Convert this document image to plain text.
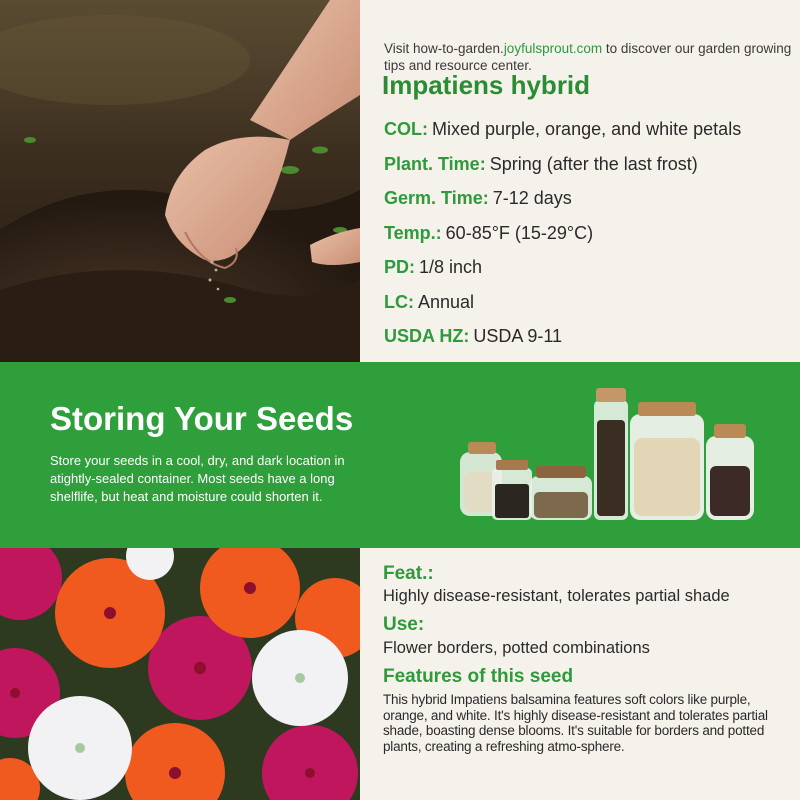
Visit how-to-garden.joyfulsprout.com to discover our garden growing tips and resource center.

Impatiens hybrid
COL: Mixed purple, orange, and white petals
Plant. Time: Spring (after the last frost)
Germ. Time: 7-12 days
Temp.: 60-85°F (15-29°C)
PD: 1/8 inch
LC: Annual
USDA HZ: USDA 9-11
Storing Your Seeds

Store your seeds in a cool, dry, and dark location in atightly-sealed container. Most seeds have a long shelflife, but heat and moisture could shorten it.

Feat.:

Highly disease-resistant, tolerates partial shade

Use:

Flower borders, potted combinations

Features of this seed

This hybrid Impatiens balsamina features soft colors like purple, orange, and white. It's highly disease-resistant and tolerates partial shade, boasting dense blooms. It's suitable for borders and potted plants, creating a refreshing atmo-sphere.
